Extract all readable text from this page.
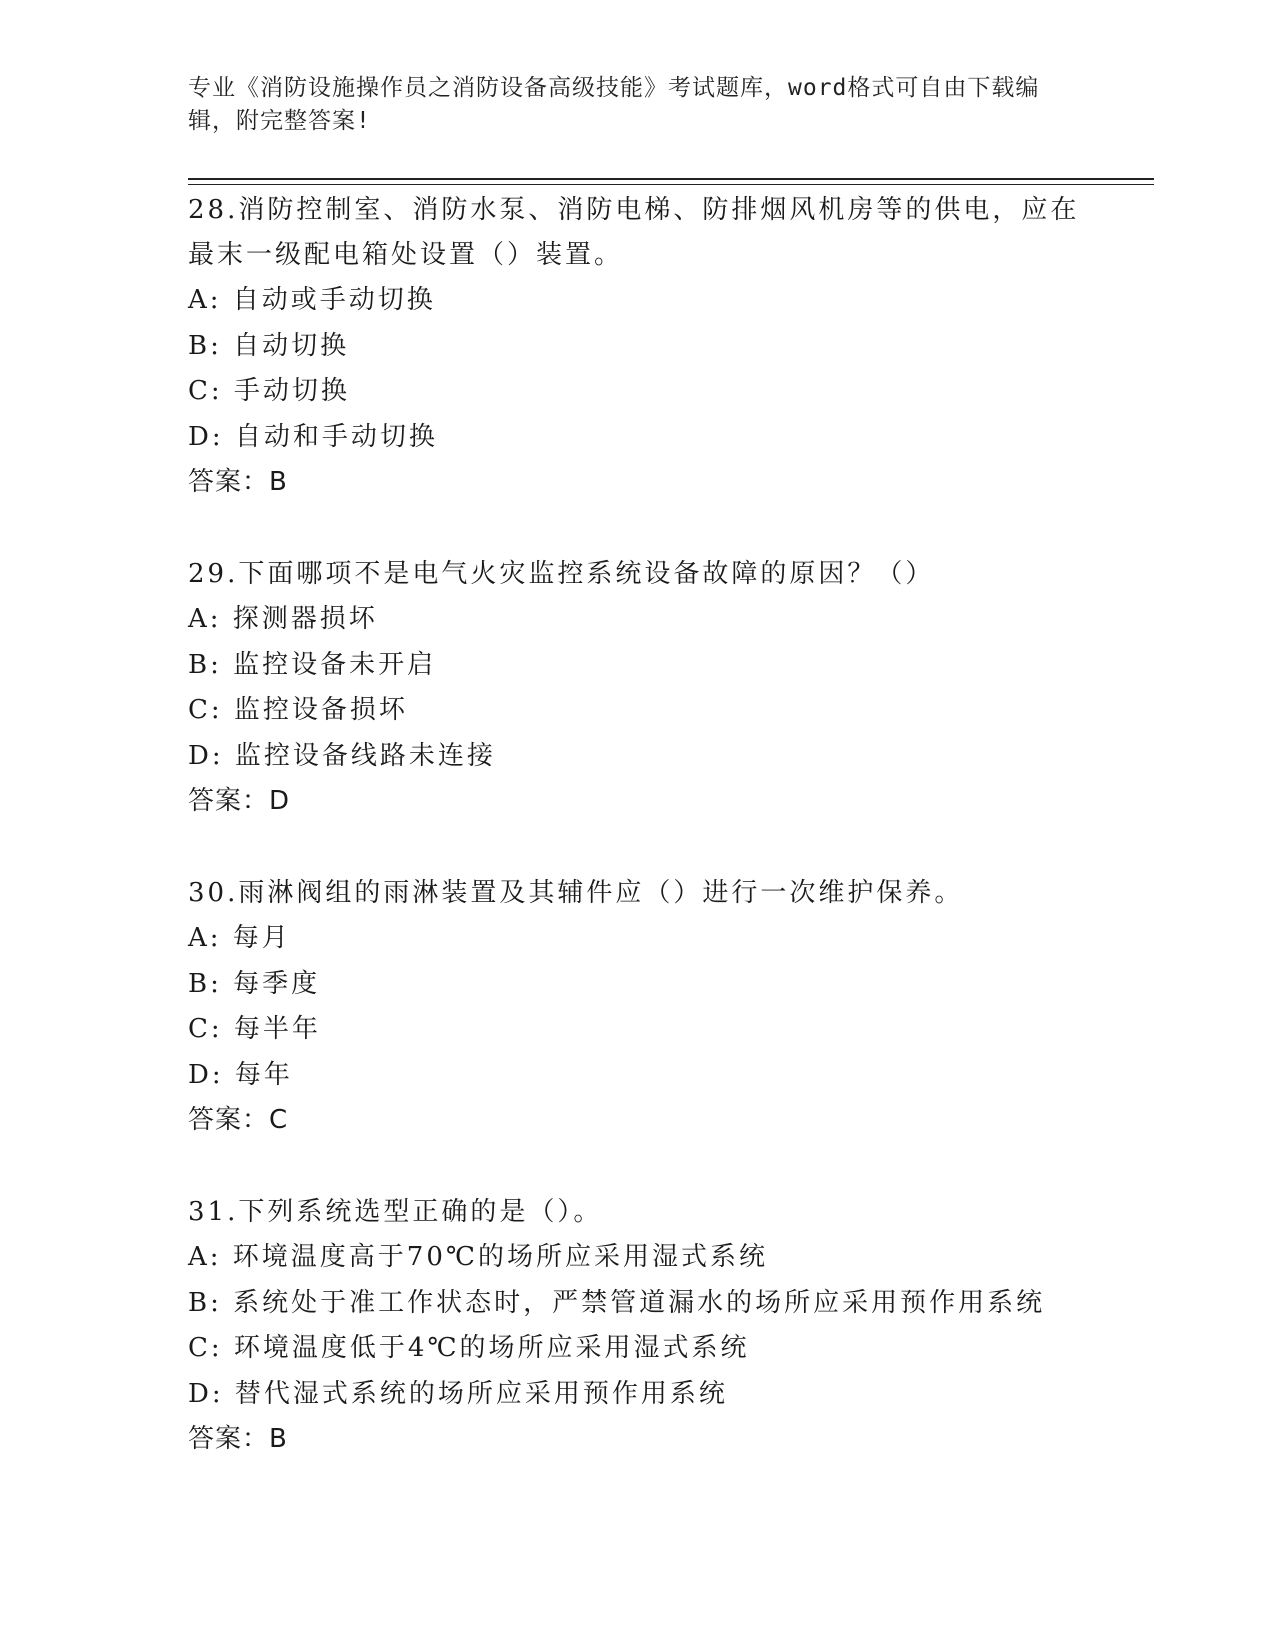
专业《消防设施操作员之消防设备高级技能》考试题库，word格式可自由下载编辑，附完整答案!

28.消防控制室、消防水泵、消防电梯、防排烟风机房等的供电，应在最末一级配电箱处设置（）装置。

A: 自动或手动切换

B: 自动切换

C: 手动切换

D: 自动和手动切换

答案：B

29.下面哪项不是电气火灾监控系统设备故障的原因？（）

A: 探测器损坏

B: 监控设备未开启

C: 监控设备损坏

D: 监控设备线路未连接

答案：D

30.雨淋阀组的雨淋装置及其辅件应（）进行一次维护保养。

A: 每月

B: 每季度

C: 每半年

D: 每年

答案：C

31.下列系统选型正确的是（）。

A: 环境温度高于70℃的场所应采用湿式系统

B: 系统处于准工作状态时，严禁管道漏水的场所应采用预作用系统

C: 环境温度低于4℃的场所应采用湿式系统

D: 替代湿式系统的场所应采用预作用系统

答案：B
